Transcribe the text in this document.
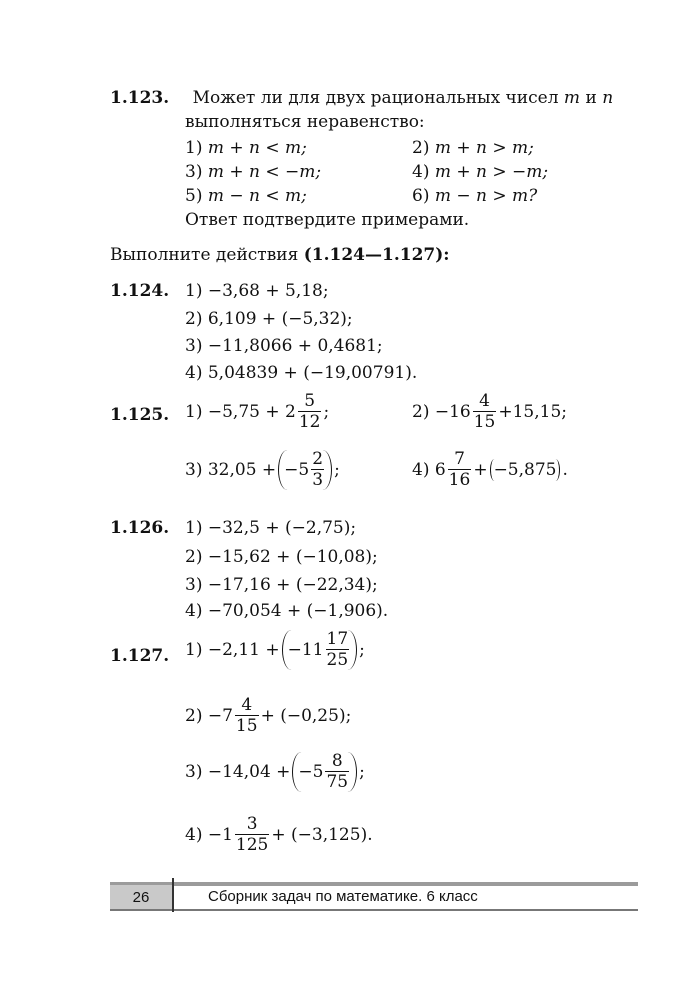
1.123. Может ли для двух рациональных чисел m и n
выполняться неравенство:
1) m + n < m;	2) m + n > m;
3) m + n < −m;	4) m + n > −m;
5) m − n < m;	6) m − n > m?
Ответ подтвердите примерами.
Выполните действия (1.124—1.127):
1.124. 1) −3,68 + 5,18;
2) 6,109 + (−5,32);
3) −11,8066 + 0,4681;
4) 5,04839 + (−19,00791).
1.125. $1) -5,75 + 2 \frac{5}{12}$ ;	$2) -16 \frac{4}{15} +15,15$;
3) $32,05 + -5 \frac{2}{3}$ ;	4) $6 \frac{7}{16} + -5,875$ .
1.126. 1) −32,5 + (−2,75);
2) −15,62 + (−10,08);
3) −17,16 + (−22,34);
4) −70,054 + (−1,906).
1.127. $1) -2,11 + -11 \frac{17}{25}$ ;
$2) -7 \frac{4}{15} + (-0,25)$;
$3) -14,04 + -5 \frac{8}{75}$ ;
$4) -1 \frac{3}{125} + (-3,125)$.
26	Сборник задач по математике. 6 класс
